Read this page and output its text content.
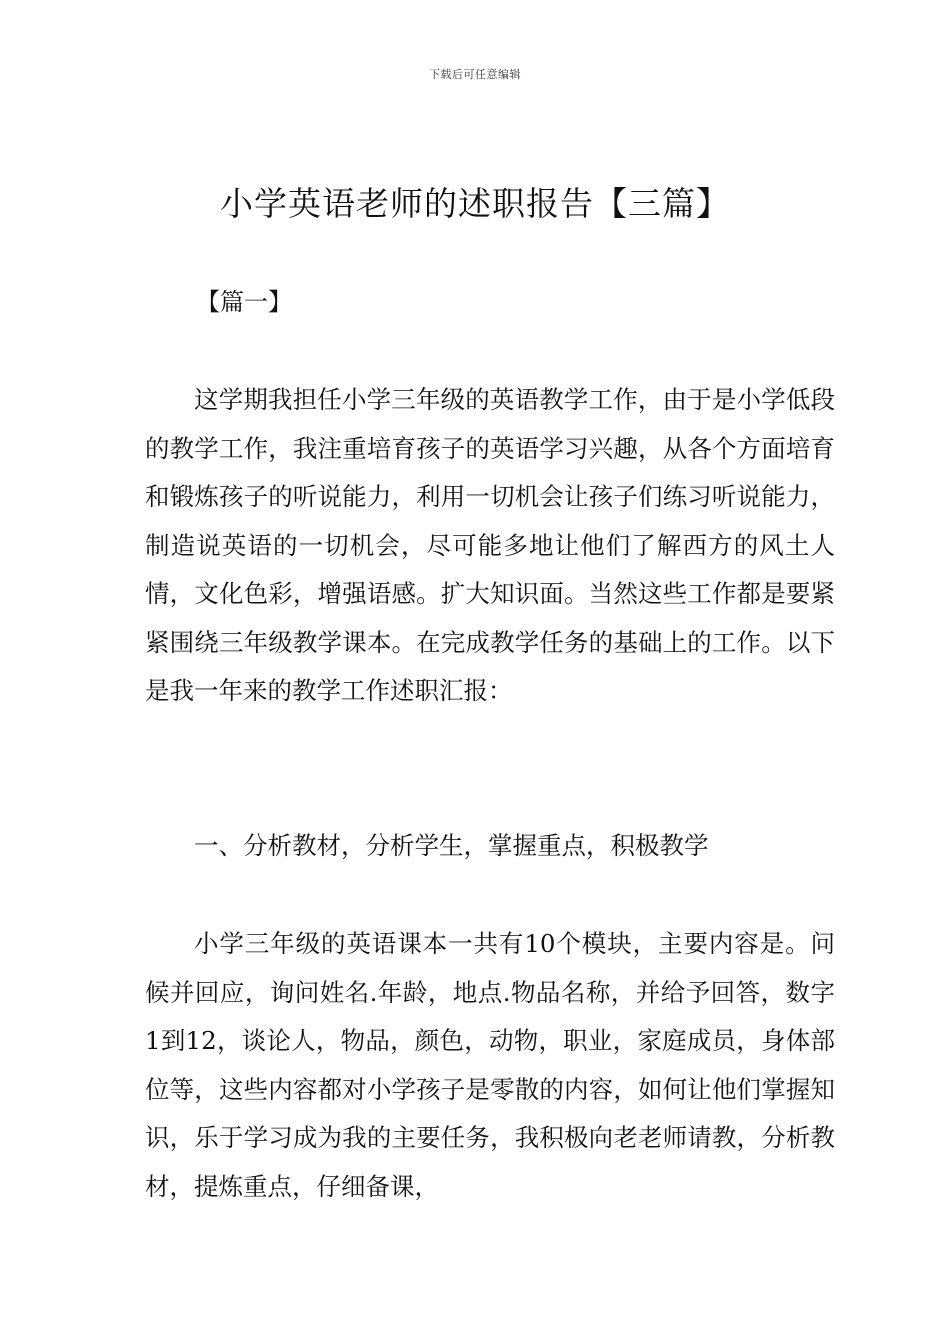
下载后可任意编辑
小学英语老师的述职报告【三篇】
【篇一】

这学期我担任小学三年级的英语教学工作，由于是小学低段的教学工作，我注重培育孩子的英语学习兴趣，从各个方面培育和锻炼孩子的听说能力，利用一切机会让孩子们练习听说能力，制造说英语的一切机会，尽可能多地让他们了解西方的风土人情，文化色彩，增强语感。扩大知识面。当然这些工作都是要紧紧围绕三年级教学课本。在完成教学任务的基础上的工作。以下是我一年来的教学工作述职汇报：

一、分析教材，分析学生，掌握重点，积极教学

小学三年级的英语课本一共有10个模块，主要内容是。问候并回应，询问姓名.年龄，地点.物品名称，并给予回答，数字1到12，谈论人，物品，颜色，动物，职业，家庭成员，身体部位等，这些内容都对小学孩子是零散的内容，如何让他们掌握知识，乐于学习成为我的主要任务，我积极向老老师请教，分析教材，提炼重点，仔细备课，
